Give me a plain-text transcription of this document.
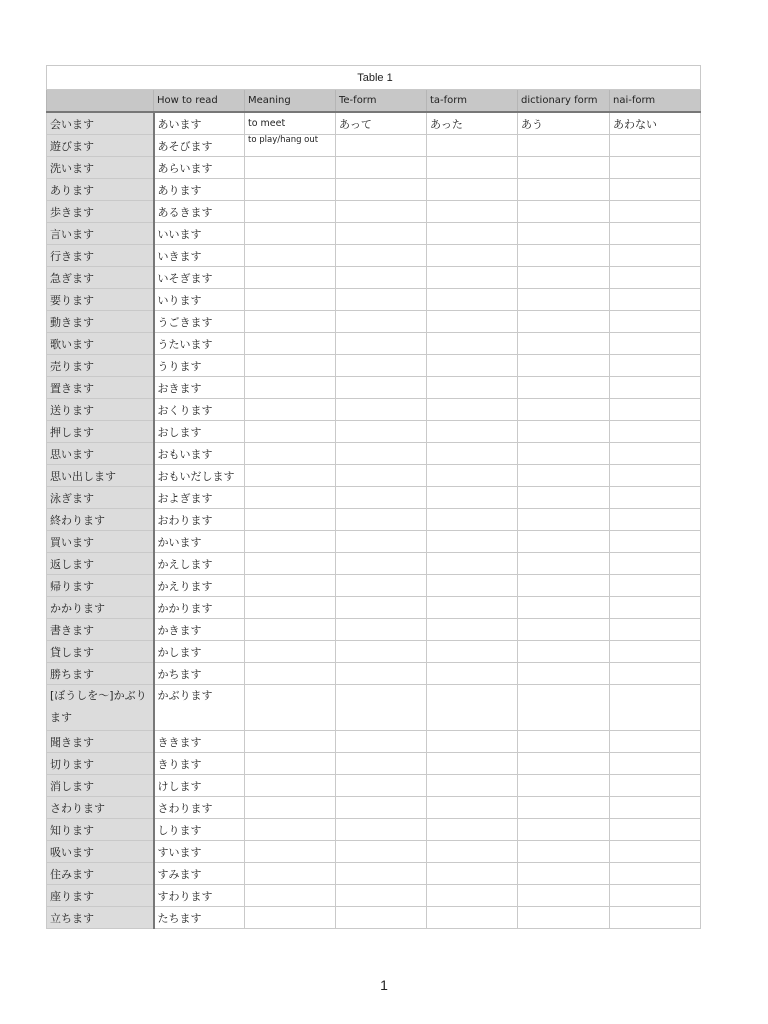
Table 1						
	How to read	Meaning	Te-form	ta-form	dictionary form	nai-form
会います	あいます	to meet	あって	あった	あう	あわない
遊びます	あそびます	to play/hang out				
洗います	あらいます					
あります	あります					
歩きます	あるきます					
言います	いいます					
行きます	いきます					
急ぎます	いそぎます					
要ります	いります					
動きます	うごきます					
歌います	うたいます					
売ります	うります					
置きます	おきます					
送ります	おくります					
押します	おします					
思います	おもいます					
思い出します	おもいだします					
泳ぎます	およぎます					
終わります	おわります					
買います	かいます					
返します	かえします					
帰ります	かえります					
かかります	かかります					
書きます	かきます					
貸します	かします					
勝ちます	かちます					
[ぼうしを〜]かぶります	かぶります					
聞きます	ききます					
切ります	きります					
消します	けします					
さわります	さわります					
知ります	しります					
吸います	すいます					
住みます	すみます					
座ります	すわります					
立ちます	たちます					
1
